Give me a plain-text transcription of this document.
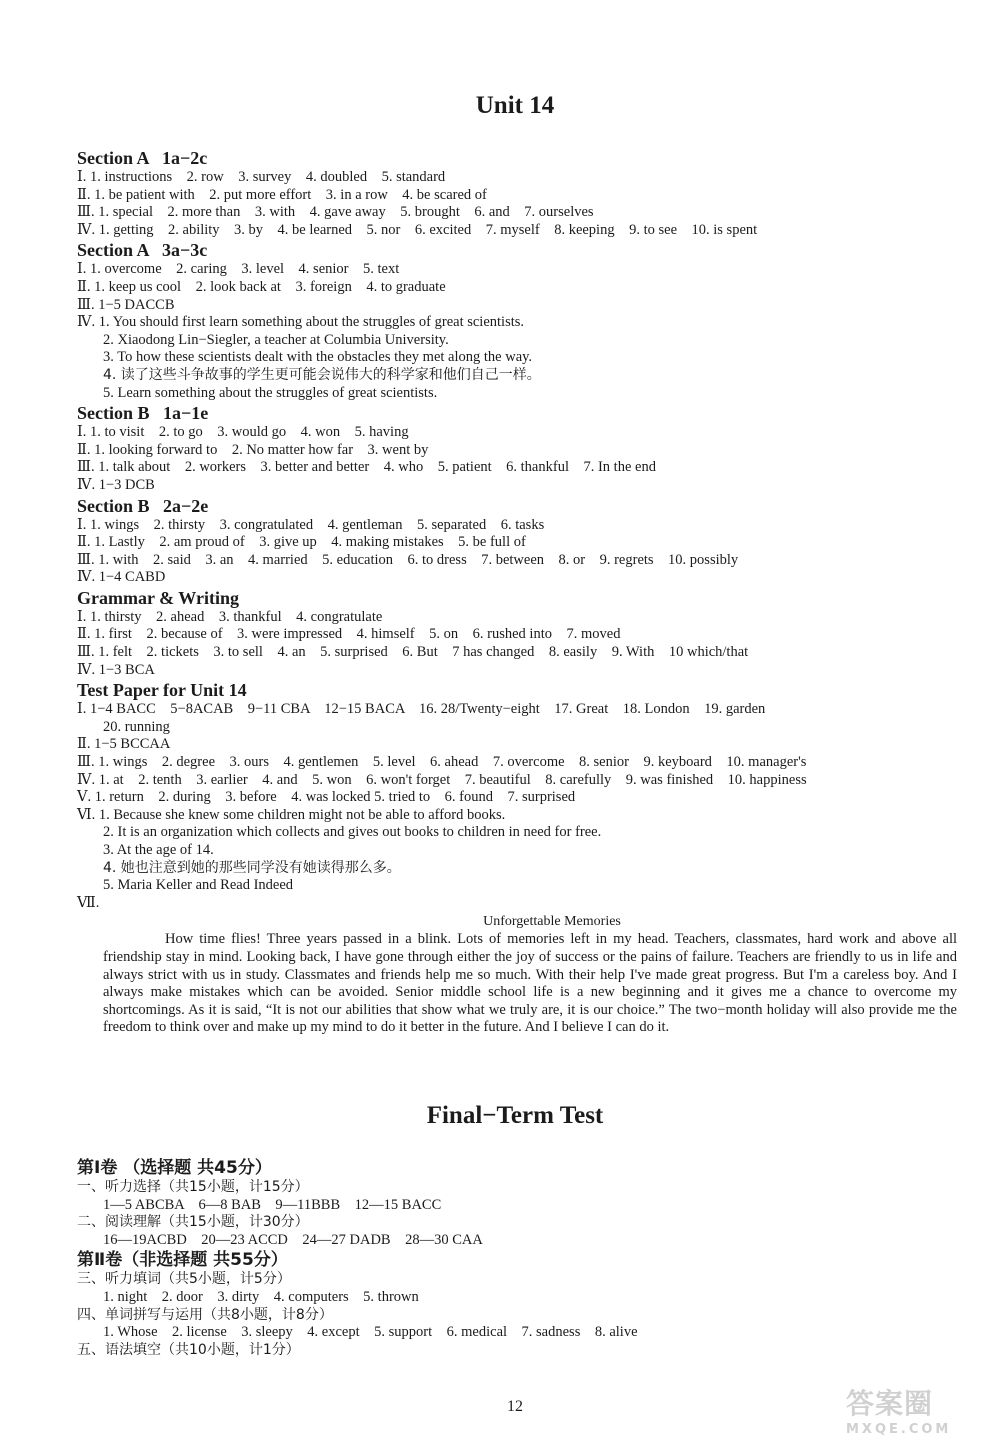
Unit 14
Section A   1a−2c
Ⅰ. 1. instructions    2. row    3. survey    4. doubled    5. standard
Ⅱ. 1. be patient with    2. put more effort    3. in a row    4. be scared of
Ⅲ. 1. special    2. more than    3. with    4. gave away    5. brought    6. and    7. ourselves
Ⅳ. 1. getting    2. ability    3. by    4. be learned    5. nor    6. excited    7. myself    8. keeping    9. to see    10. is spent
Section A   3a−3c
Ⅰ. 1. overcome    2. caring    3. level    4. senior    5. text
Ⅱ. 1. keep us cool    2. look back at    3. foreign    4. to graduate
Ⅲ. 1−5 DACCB
Ⅳ. 1. You should first learn something about the struggles of great scientists.
2. Xiaodong Lin−Siegler, a teacher at Columbia University.
3. To how these scientists dealt with the obstacles they met along the way.
4. 读了这些斗争故事的学生更可能会说伟大的科学家和他们自己一样。
5. Learn something about the struggles of great scientists.
Section B   1a−1e
Ⅰ. 1. to visit    2. to go    3. would go    4. won    5. having
Ⅱ. 1. looking forward to    2. No matter how far    3. went by
Ⅲ. 1. talk about    2. workers    3. better and better    4. who    5. patient    6. thankful    7. In the end
Ⅳ. 1−3 DCB
Section B   2a−2e
Ⅰ. 1. wings    2. thirsty    3. congratulated    4. gentleman    5. separated    6. tasks
Ⅱ. 1. Lastly    2. am proud of    3. give up    4. making mistakes    5. be full of
Ⅲ. 1. with    2. said    3. an    4. married    5. education    6. to dress    7. between    8. or    9. regrets    10. possibly
Ⅳ. 1−4 CABD
Grammar & Writing
Ⅰ. 1. thirsty    2. ahead    3. thankful    4. congratulate
Ⅱ. 1. first    2. because of    3. were impressed    4. himself    5. on    6. rushed into    7. moved
Ⅲ. 1. felt    2. tickets    3. to sell    4. an    5. surprised    6. But    7 has changed    8. easily    9. With    10 which/that
Ⅳ. 1−3 BCA
Test Paper for Unit 14
Ⅰ. 1−4 BACC    5−8ACAB    9−11 CBA    12−15 BACA    16. 28/Twenty−eight    17. Great    18. London    19. garden
20. running
Ⅱ. 1−5 BCCAA
Ⅲ. 1. wings    2. degree    3. ours    4. gentlemen    5. level    6. ahead    7. overcome    8. senior    9. keyboard    10. manager's
Ⅳ. 1. at    2. tenth    3. earlier    4. and    5. won    6. won't forget    7. beautiful    8. carefully    9. was finished    10. happiness
Ⅴ. 1. return    2. during    3. before    4. was locked 5. tried to    6. found    7. surprised
Ⅵ. 1. Because she knew some children might not be able to afford books.
2. It is an organization which collects and gives out books to children in need for free.
3. At the age of 14.
4. 她也注意到她的那些同学没有她读得那么多。
5. Maria Keller and Read Indeed
Ⅶ.
Unforgettable Memories
How time flies! Three years passed in a blink. Lots of memories left in my head. Teachers, classmates, hard work and above all friendship stay in mind. Looking back, I have gone through either the joy of success or the pains of failure. Teachers are friendly to us in life and always strict with us in study. Classmates and friends help me so much. With their help I've made great progress. But I'm a careless boy. And I always make mistakes which can be avoided. Senior middle school life is a new beginning and it gives me a chance to overcome my shortcomings. As it is said, “It is not our abilities that show what we truly are, it is our choice.” The two−month holiday will also provide me the freedom to think over and make up my mind to do it better in the future. And I believe I can do it.
Final−Term Test
第Ⅰ卷 （选择题 共45分）
一、听力选择（共15小题，计15分）
1—5 ABCBA    6—8 BAB    9—11BBB    12—15 BACC
二、阅读理解（共15小题，计30分）
16—19ACBD    20—23 ACCD    24—27 DADB    28—30 CAA
第Ⅱ卷（非选择题 共55分）
三、听力填词（共5小题，计5分）
1. night    2. door    3. dirty    4. computers    5. thrown
四、单词拼写与运用（共8小题，计8分）
1. Whose    2. license    3. sleepy    4. except    5. support    6. medical    7. sadness    8. alive
五、语法填空（共10小题，计1分）
12	答案圈
MXQE.COM
